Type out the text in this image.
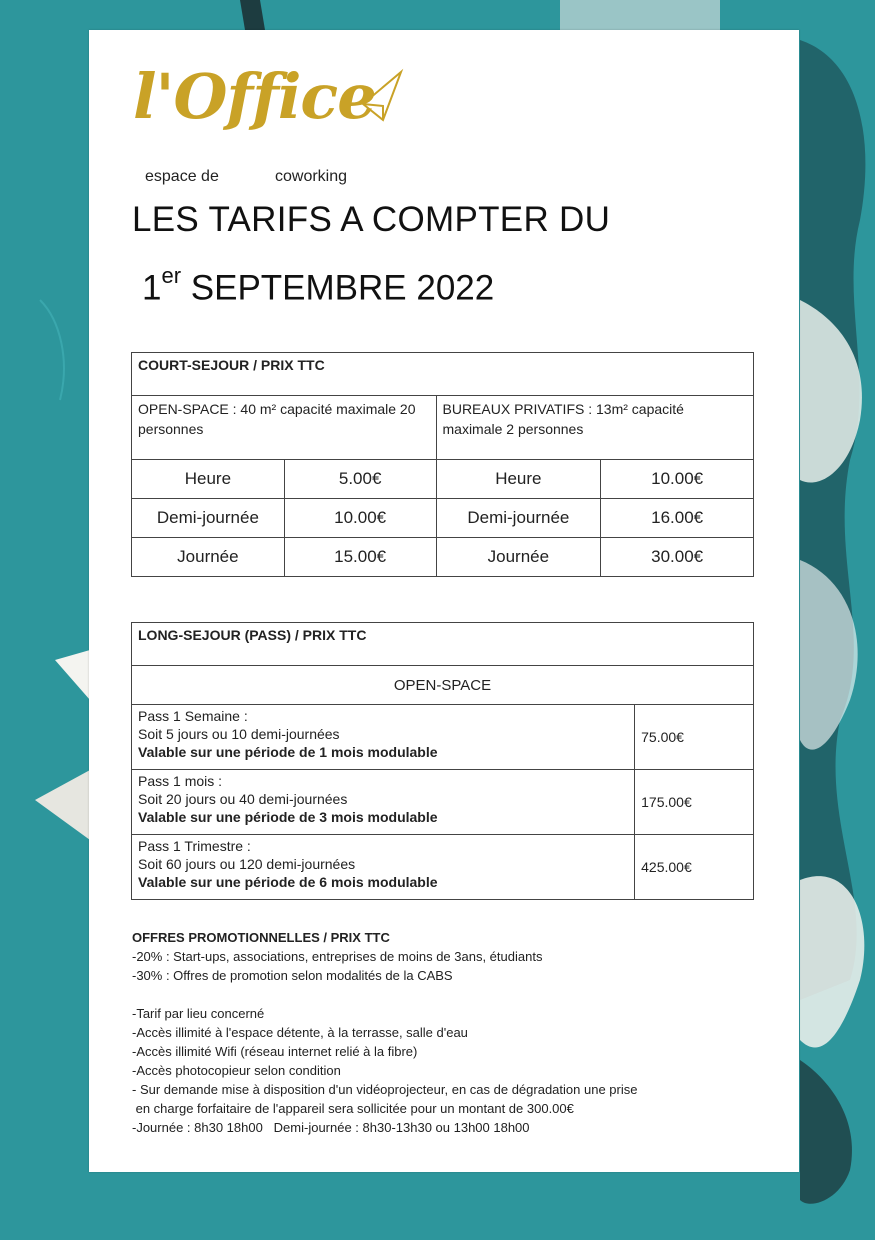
l'Office
espace de	coworking
LES TARIFS A COMPTER DU
1er SEPTEMBRE 2022
COURT-SEJOUR / PRIX TTC			
OPEN-SPACE : 40 m² capacité maximale 20 personnes		BUREAUX PRIVATIFS : 13m² capacité maximale 2 personnes	
Heure	5.00€	Heure	10.00€
Demi-journée	10.00€	Demi-journée	16.00€
Journée	15.00€	Journée	30.00€
LONG-SEJOUR (PASS) / PRIX TTC	
OPEN-SPACE	

Pass 1 Semaine :
Soit 5 jours ou 10 demi-journées
Valable sur une période de 1 mois modulable	75.00€

Pass 1 mois :
Soit 20 jours ou 40 demi-journées
Valable sur une période de 3 mois modulable	175.00€

Pass 1 Trimestre :
Soit 60 jours ou 120 demi-journées
Valable sur une période de 6 mois modulable	425.00€

OFFRES PROMOTIONNELLES / PRIX TTC

-20% : Start-ups, associations, entreprises de moins de 3ans, étudiants

-30% : Offres de promotion selon modalités de la CABS

-Tarif par lieu concerné

-Accès illimité à l'espace détente, à la terrasse, salle d'eau

-Accès illimité Wifi (réseau internet relié à la fibre)

-Accès photocopieur selon condition

- Sur demande mise à disposition d'un vidéoprojecteur, en cas de dégradation une prise

en charge forfaitaire de l'appareil sera sollicitée pour un montant de 300.00€

-Journée : 8h30 18h00   Demi-journée : 8h30-13h30 ou 13h00 18h00
